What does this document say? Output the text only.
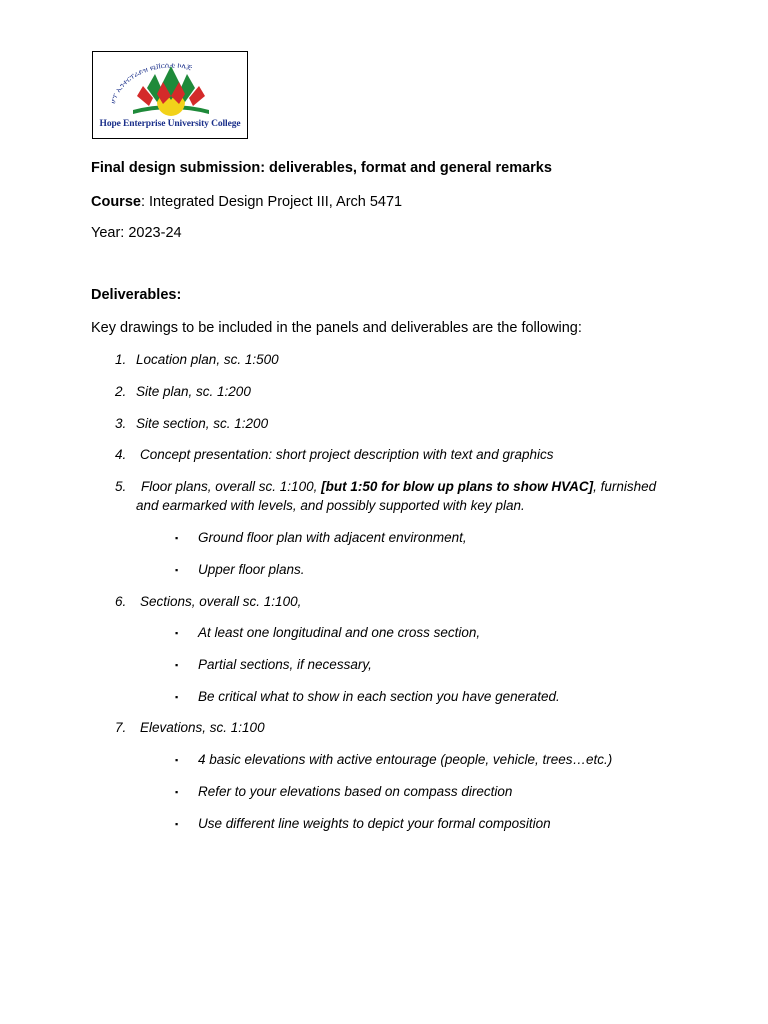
ሆፕ ኢንተርፕራይዝ ዩኒቨርሲቲ ኮሌጅ
Hope Enterprise University College
Final design submission: deliverables, format and general remarks
Course: Integrated Design Project III, Arch 5471
Year: 2023-24
Deliverables:
Key drawings to be included in the panels and deliverables are the following:
1. Location plan, sc. 1:500
2. Site plan, sc. 1:200
3. Site section, sc. 1:200
4. Concept presentation: short project description with text and graphics
5. Floor plans, overall sc. 1:100, [but 1:50 for blow up plans to show HVAC], furnished
and earmarked with levels, and possibly supported with key plan.
▪ Ground floor plan with adjacent environment,
▪ Upper floor plans.
6. Sections, overall sc. 1:100,
▪ At least one longitudinal and one cross section,
▪ Partial sections, if necessary,
▪ Be critical what to show in each section you have generated.
7. Elevations, sc. 1:100
▪ 4 basic elevations with active entourage (people, vehicle, trees…etc.)
▪ Refer to your elevations based on compass direction
▪ Use different line weights to depict your formal composition
